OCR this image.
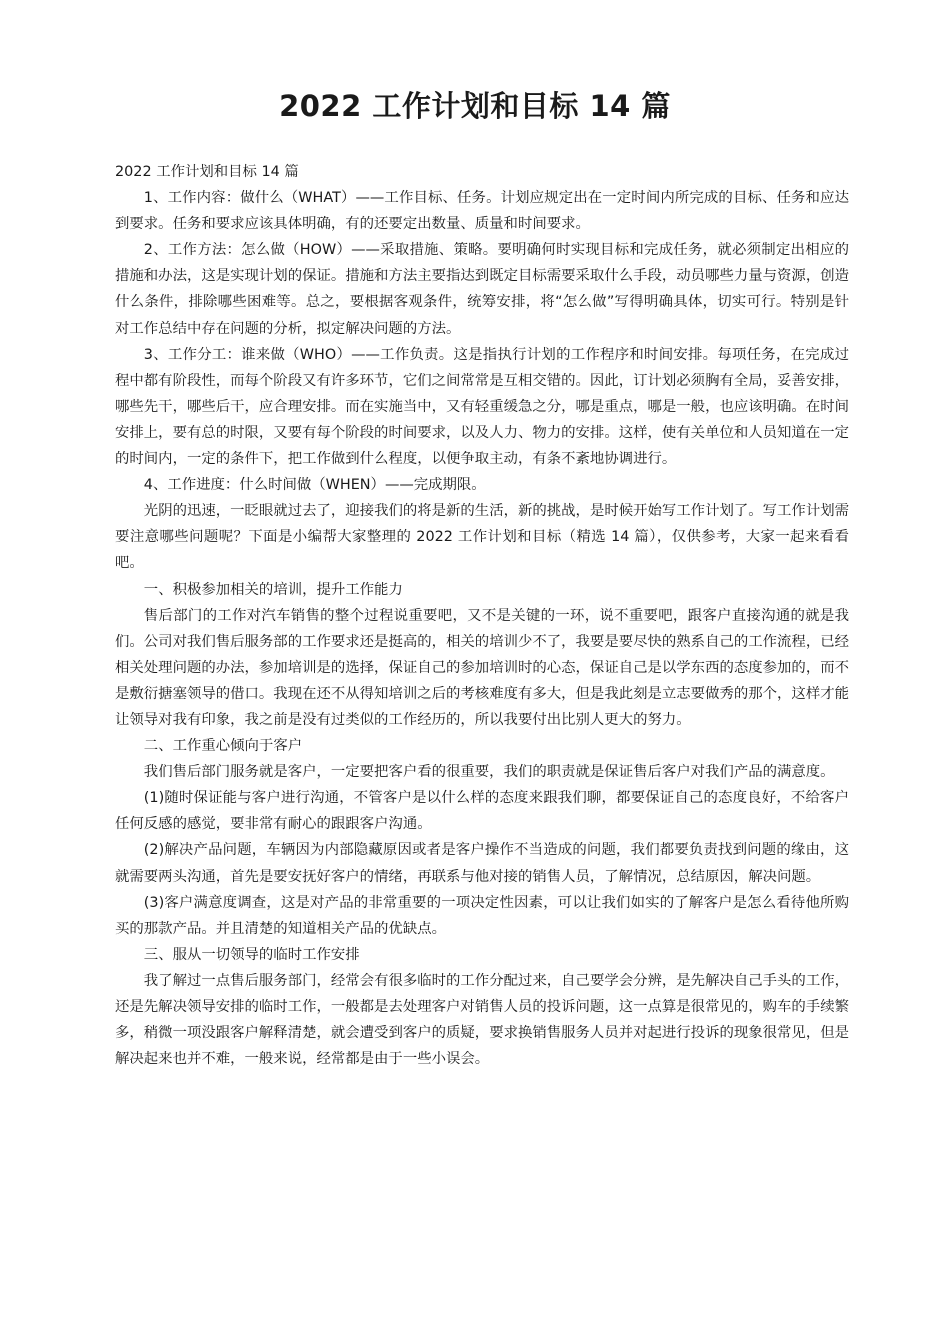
2022 工作计划和目标 14 篇

2022 工作计划和目标 14 篇

1、工作内容：做什么（WHAT）——工作目标、任务。计划应规定出在一定时间内所完成的目标、任务和应达到要求。任务和要求应该具体明确，有的还要定出数量、质量和时间要求。

2、工作方法：怎么做（HOW）——采取措施、策略。要明确何时实现目标和完成任务，就必须制定出相应的措施和办法，这是实现计划的保证。措施和方法主要指达到既定目标需要采取什么手段，动员哪些力量与资源，创造什么条件，排除哪些困难等。总之，要根据客观条件，统筹安排，将“怎么做”写得明确具体，切实可行。特别是针对工作总结中存在问题的分析，拟定解决问题的方法。

3、工作分工：谁来做（WHO）——工作负责。这是指执行计划的工作程序和时间安排。每项任务，在完成过程中都有阶段性，而每个阶段又有许多环节，它们之间常常是互相交错的。因此，订计划必须胸有全局，妥善安排，哪些先干，哪些后干，应合理安排。而在实施当中，又有轻重缓急之分，哪是重点，哪是一般，也应该明确。在时间安排上，要有总的时限，又要有每个阶段的时间要求，以及人力、物力的安排。这样，使有关单位和人员知道在一定的时间内，一定的条件下，把工作做到什么程度，以便争取主动，有条不紊地协调进行。

4、工作进度：什么时间做（WHEN）——完成期限。

光阴的迅速，一眨眼就过去了，迎接我们的将是新的生活，新的挑战，是时候开始写工作计划了。写工作计划需要注意哪些问题呢？下面是小编帮大家整理的 2022 工作计划和目标（精选 14 篇），仅供参考，大家一起来看看吧。

一、积极参加相关的培训，提升工作能力

售后部门的工作对汽车销售的整个过程说重要吧，又不是关键的一环，说不重要吧，跟客户直接沟通的就是我们。公司对我们售后服务部的工作要求还是挺高的，相关的培训少不了，我要是要尽快的熟系自己的工作流程，已经相关处理问题的办法，参加培训是的选择，保证自己的参加培训时的心态，保证自己是以学东西的态度参加的，而不是敷衍搪塞领导的借口。我现在还不从得知培训之后的考核难度有多大，但是我此刻是立志要做秀的那个，这样才能让领导对我有印象，我之前是没有过类似的工作经历的，所以我要付出比别人更大的努力。

二、工作重心倾向于客户

我们售后部门服务就是客户，一定要把客户看的很重要，我们的职责就是保证售后客户对我们产品的满意度。

(1)随时保证能与客户进行沟通，不管客户是以什么样的态度来跟我们聊，都要保证自己的态度良好，不给客户任何反感的感觉，要非常有耐心的跟跟客户沟通。

(2)解决产品问题，车辆因为内部隐藏原因或者是客户操作不当造成的问题，我们都要负责找到问题的缘由，这就需要两头沟通，首先是要安抚好客户的情绪，再联系与他对接的销售人员，了解情况，总结原因，解决问题。

(3)客户满意度调查，这是对产品的非常重要的一项决定性因素，可以让我们如实的了解客户是怎么看待他所购买的那款产品。并且清楚的知道相关产品的优缺点。

三、服从一切领导的临时工作安排

我了解过一点售后服务部门，经常会有很多临时的工作分配过来，自己要学会分辨，是先解决自己手头的工作，还是先解决领导安排的临时工作，一般都是去处理客户对销售人员的投诉问题，这一点算是很常见的，购车的手续繁多，稍微一项没跟客户解释清楚，就会遭受到客户的质疑，要求换销售服务人员并对起进行投诉的现象很常见，但是解决起来也并不难，一般来说，经常都是由于一些小误会。
